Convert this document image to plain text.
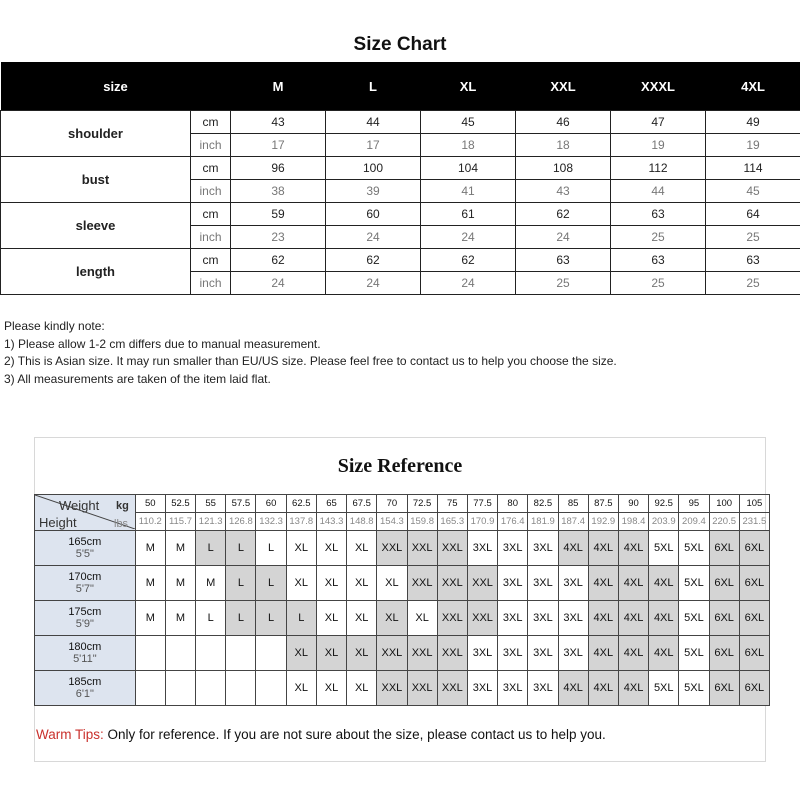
Size Chart
size		M	L	XL	XXL	XXXL	4XL
shoulder	cm	43	44	45	46	47	49
	inch	17	17	18	18	19	19
bust	cm	96	100	104	108	112	114
	inch	38	39	41	43	44	45
sleeve	cm	59	60	61	62	63	64
	inch	23	24	24	24	25	25
length	cm	62	62	62	63	63	63
	inch	24	24	24	25	25	25
Please kindly note:
1) Please allow 1-2 cm differs due to manual measurement.
2) This is Asian size. It may run smaller than EU/US size. Please feel free to contact us to help you choose the size.
3) All measurements are taken of the item laid flat.
Size Reference
Weight kg
Height lbs	50	52.5	55	57.5	60	62.5	65	67.5	70	72.5	75	77.5	80	82.5	85	87.5	90	92.5	95	100	105
	110.2	115.7	121.3	126.8	132.3	137.8	143.3	148.8	154.3	159.8	165.3	170.9	176.4	181.9	187.4	192.9	198.4	203.9	209.4	220.5	231.5

165cm
5'5"	M	M	L	L	L	XL	XL	XL	XXL	XXL	XXL	3XL	3XL	3XL	4XL	4XL	4XL	5XL	5XL	6XL	6XL

170cm
5'7"	M	M	M	L	L	XL	XL	XL	XL	XXL	XXL	XXL	3XL	3XL	3XL	4XL	4XL	4XL	5XL	6XL	6XL

175cm
5'9"	M	M	L	L	L	L	XL	XL	XL	XL	XXL	XXL	3XL	3XL	3XL	4XL	4XL	4XL	5XL	6XL	6XL

180cm
5'11"						XL	XL	XL	XXL	XXL	XXL	3XL	3XL	3XL	3XL	4XL	4XL	4XL	5XL	6XL	6XL

185cm
6'1"						XL	XL	XL	XXL	XXL	XXL	3XL	3XL	3XL	4XL	4XL	4XL	5XL	5XL	6XL	6XL
Warm Tips: Only for reference. If you are not sure about the size, please contact us to help you.
